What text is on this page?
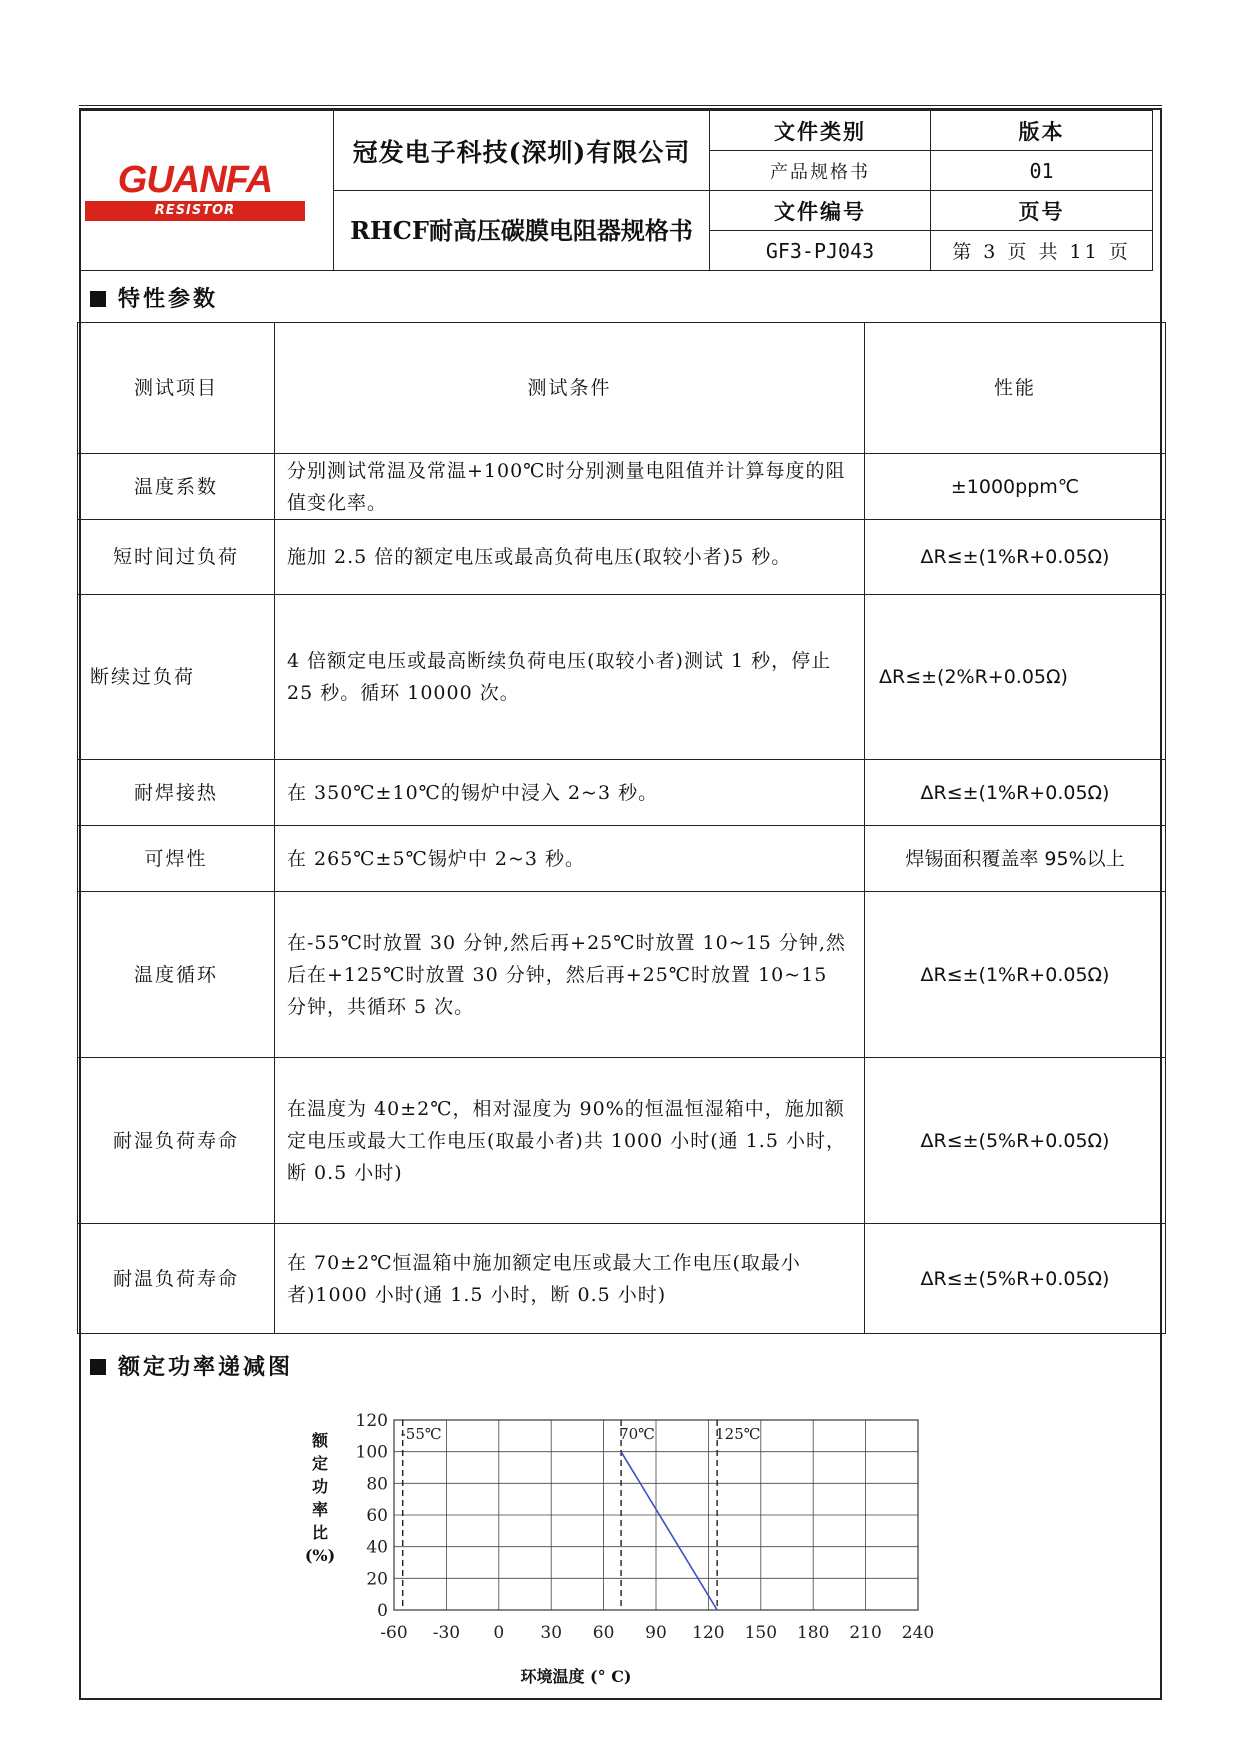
GUANFA
RESISTOR	冠发电子科技(深圳)有限公司	文件类别	版本
		产品规格书	01
	RHCF耐高压碳膜电阻器规格书	文件编号	页号
		GF3-PJ043	第 3 页 共 11 页
特性参数
测试项目	测试条件	性能
温度系数	分别测试常温及常温+100℃时分别测量电阻值并计算每度的阻值变化率。	±1000ppm℃
短时间过负荷	施加 2.5 倍的额定电压或最高负荷电压(取较小者)5 秒。	ΔR≤±(1%R+0.05Ω)
断续过负荷	4 倍额定电压或最高断续负荷电压(取较小者)测试 1 秒，停止 25 秒。循环 10000 次。	ΔR≤±(2%R+0.05Ω)
耐焊接热	在 350℃±10℃的锡炉中浸入 2~3 秒。	ΔR≤±(1%R+0.05Ω)
可焊性	在 265℃±5℃锡炉中 2~3 秒。	焊锡面积覆盖率 95%以上
温度循环	在-55℃时放置 30 分钟,然后再+25℃时放置 10~15 分钟,然后在+125℃时放置 30 分钟，然后再+25℃时放置 10~15 分钟，共循环 5 次。	ΔR≤±(1%R+0.05Ω)
耐湿负荷寿命	在温度为 40±2℃，相对湿度为 90%的恒温恒湿箱中，施加额定电压或最大工作电压(取最小者)共 1000 小时(通 1.5 小时，断 0.5 小时)	ΔR≤±(5%R+0.05Ω)
耐温负荷寿命	在 70±2℃恒温箱中施加额定电压或最大工作电压(取最小者)1000 小时(通 1.5 小时，断 0.5 小时)	ΔR≤±(5%R+0.05Ω)
额定功率递减图
-60 -30 0 30 60 90 120 150 180 210 240
0
20
40
60
80
100
120
-55℃	70℃	125℃
额
定
功
率
比
(%)
环境温度 (° C)
